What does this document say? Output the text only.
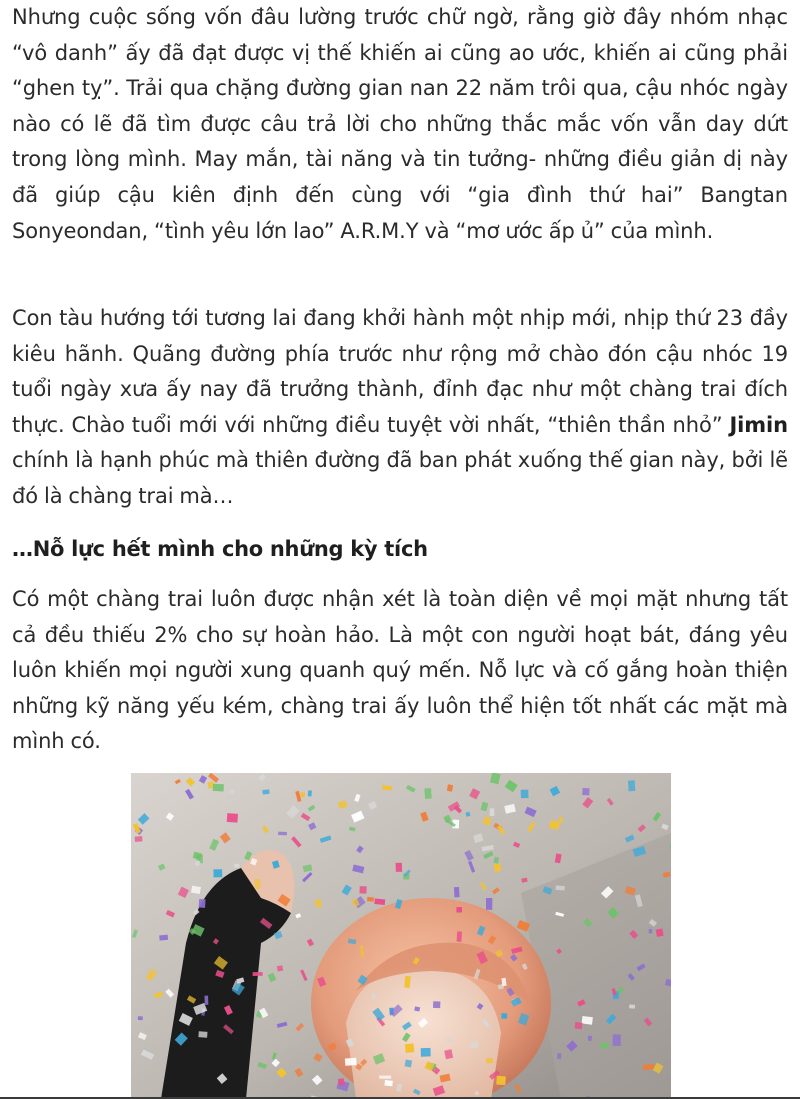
Nhưng cuộc sống vốn đâu lường trước chữ ngờ, rằng giờ đây nhóm nhạc “vô danh” ấy đã đạt được vị thế khiến ai cũng ao ước, khiến ai cũng phải “ghen tỵ”. Trải qua chặng đường gian nan 22 năm trôi qua, cậu nhóc ngày nào có lẽ đã tìm được câu trả lời cho những thắc mắc vốn vẫn day dứt trong lòng mình. May mắn, tài năng và tin tưởng- những điều giản dị này đã giúp cậu kiên định đến cùng với “gia đình thứ hai” Bangtan Sonyeondan, “tình yêu lớn lao” A.R.M.Y và “mơ ước ấp ủ” của mình.

Con tàu hướng tới tương lai đang khởi hành một nhịp mới, nhịp thứ 23 đầy kiêu hãnh. Quãng đường phía trước như rộng mở chào đón cậu nhóc 19 tuổi ngày xưa ấy nay đã trưởng thành, đỉnh đạc như một chàng trai đích thực. Chào tuổi mới với những điều tuyệt vời nhất, “thiên thần nhỏ” Jimin chính là hạnh phúc mà thiên đường đã ban phát xuống thế gian này, bởi lẽ đó là chàng trai mà…

…Nỗ lực hết mình cho những kỳ tích

Có một chàng trai luôn được nhận xét là toàn diện về mọi mặt nhưng tất cả đều thiếu 2% cho sự hoàn hảo. Là một con người hoạt bát, đáng yêu luôn khiến mọi người xung quanh quý mến. Nỗ lực và cố gắng hoàn thiện những kỹ năng yếu kém, chàng trai ấy luôn thể hiện tốt nhất các mặt mà mình có.
